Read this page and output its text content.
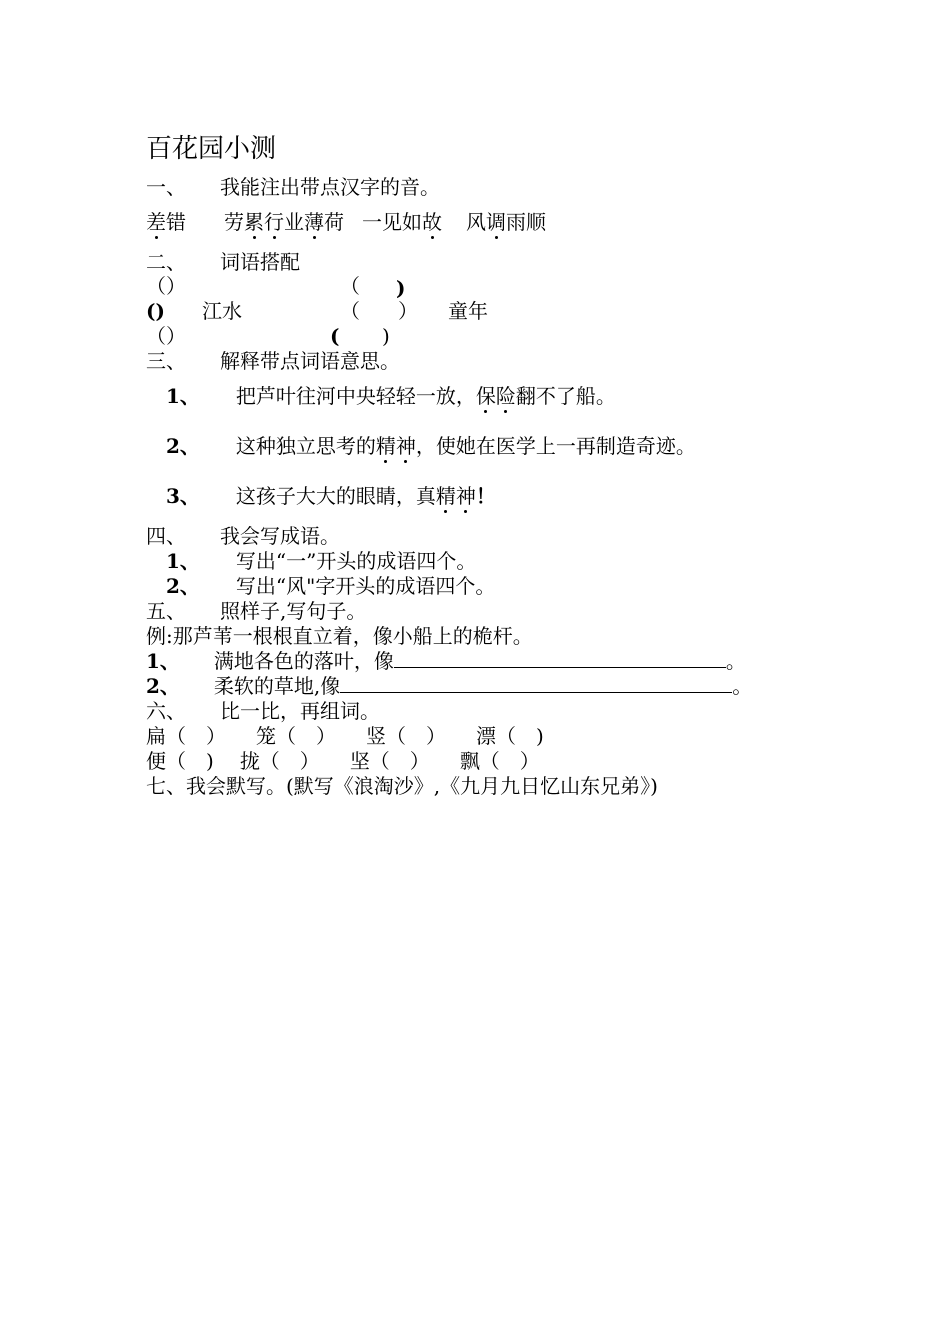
百花园小测
一、 我能注出带点汉字的音。
差错 劳累行业薄荷 一见如故 风调雨顺
二、 词语搭配
（）	（ )
() 江水	（ ） 童年
（）	( )
三、 解释带点词语意思。
1、 把芦叶往河中央轻轻一放，保险翻不了船。
2、 这种独立思考的精神，使她在医学上一再制造奇迹。
3、 这孩子大大的眼睛，真精神！
四、 我会写成语。
1、 写出“一”开头的成语四个。
2、 写出“风"字开头的成语四个。
五、 照样子,写句子。
例:那芦苇一根根直立着，像小船上的桅杆。
1、 满地各色的落叶，像	。
2、 柔软的草地,像	。
六、 比一比，再组词。
扁（　） 笼（　） 竖（　） 漂（　)
便（　) 拢（　） 坚（　） 飘（　）
七、我会默写。(默写《浪淘沙》,《九月九日忆山东兄弟》)
